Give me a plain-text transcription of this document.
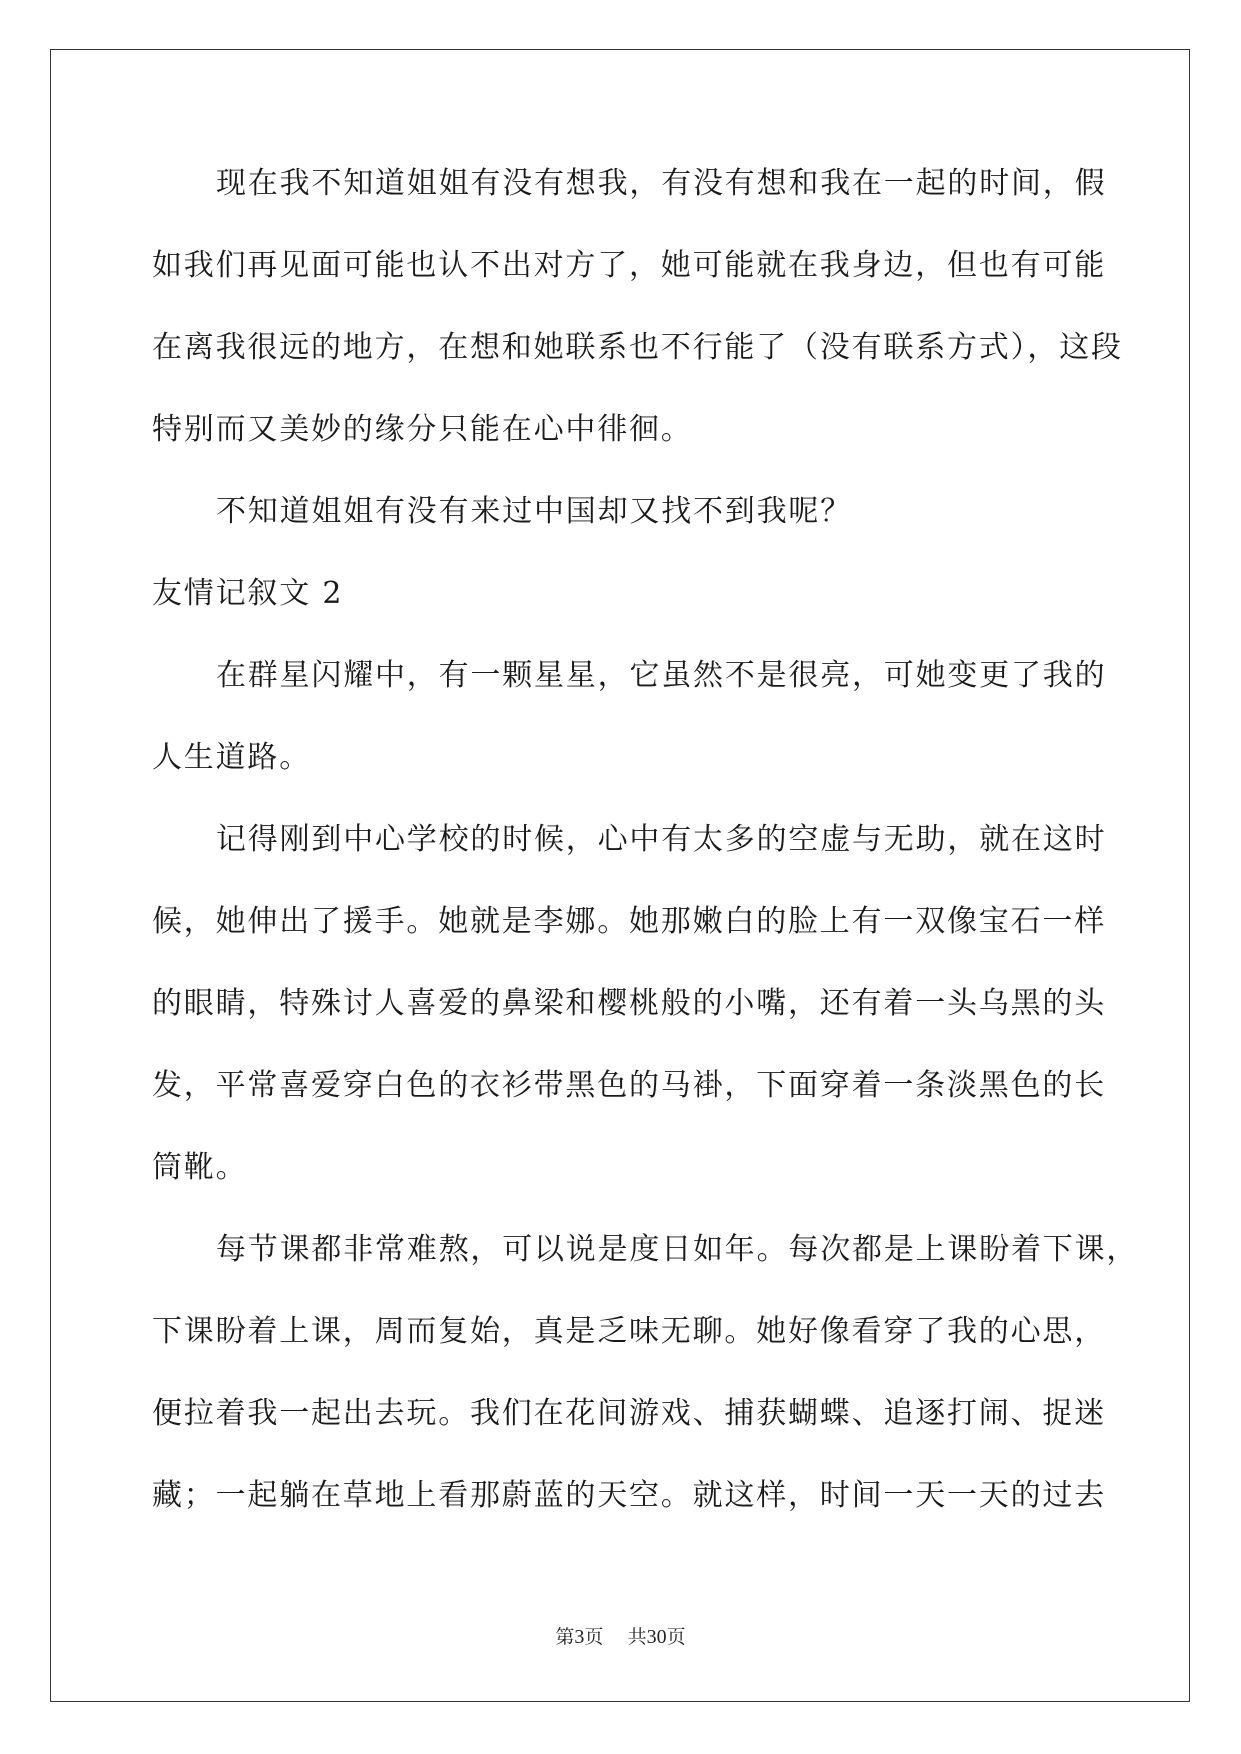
现在我不知道姐姐有没有想我，有没有想和我在一起的时间，假
如我们再见面可能也认不出对方了，她可能就在我身边，但也有可能
在离我很远的地方，在想和她联系也不行能了（没有联系方式），这段
特别而又美妙的缘分只能在心中徘徊。
不知道姐姐有没有来过中国却又找不到我呢？
友情记叙文 2
在群星闪耀中，有一颗星星，它虽然不是很亮，可她变更了我的
人生道路。
记得刚到中心学校的时候，心中有太多的空虚与无助，就在这时
候，她伸出了援手。她就是李娜。她那嫩白的脸上有一双像宝石一样
的眼睛，特殊讨人喜爱的鼻梁和樱桃般的小嘴，还有着一头乌黑的头
发，平常喜爱穿白色的衣衫带黑色的马褂，下面穿着一条淡黑色的长
筒靴。
每节课都非常难熬，可以说是度日如年。每次都是上课盼着下课，
下课盼着上课，周而复始，真是乏味无聊。她好像看穿了我的心思，
便拉着我一起出去玩。我们在花间游戏、捕获蝴蝶、追逐打闹、捉迷
藏；一起躺在草地上看那蔚蓝的天空。就这样，时间一天一天的过去
第3页 共30页
